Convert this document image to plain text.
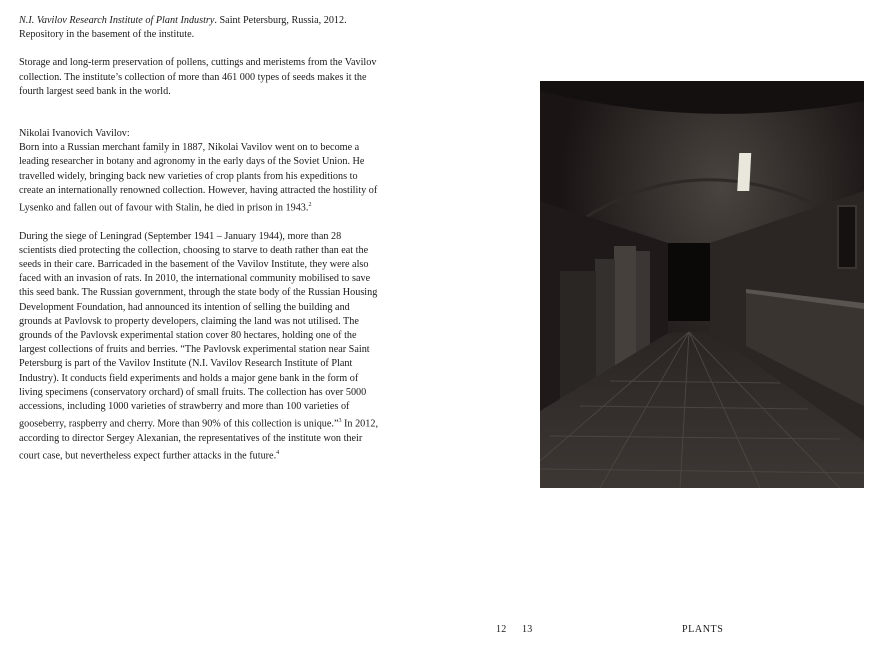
N.I. Vavilov Research Institute of Plant Industry. Saint Petersburg, Russia, 2012.
Repository in the basement of the institute.

Storage and long-term preservation of pollens, cuttings and meristems from the Vavilov collection. The institute’s collection of more than 461 000 types of seeds makes it the fourth largest seed bank in the world.

Nikolai Ivanovich Vavilov:

Born into a Russian merchant family in 1887, Nikolai Vavilov went on to become a leading researcher in botany and agronomy in the early days of the Soviet Union. He travelled widely, bringing back new varieties of crop plants from his expeditions to create an internationally renowned collection. However, having attracted the hostility of Lysenko and fallen out of favour with Stalin, he died in prison in 1943.$^2$

During the siege of Leningrad (September 1941 – January 1944), more than 28 scientists died protecting the collection, choosing to starve to death rather than eat the seeds in their care. Barricaded in the basement of the Vavilov Institute, they were also faced with an invasion of rats. In 2010, the international community mobilised to save this seed bank. The Russian government, through the state body of the Russian Housing Development Foundation, had announced its intention of selling the building and grounds at Pavlovsk to property developers, claiming the land was not utilised. The grounds of the Pavlovsk experimental station cover 80 hectares, holding one of the largest collections of fruits and berries. “The Pavlovsk experimental station near Saint Petersburg is part of the Vavilov Institute (N.I. Vavilov Research Institute of Plant Industry). It conducts field experiments and holds a major gene bank in the form of living specimens (conservatory orchard) of small fruits. The collection has over 5000 accessions, including 1000 varieties of strawberry and more than 100 varieties of gooseberry, raspberry and cherry. More than 90% of this collection is unique.”$^3$ In 2012, according to director Sergey Alexanian, the representatives of the institute won their court case, but nevertheless expect further attacks in the future.$^4$

12 13	PLANTS
